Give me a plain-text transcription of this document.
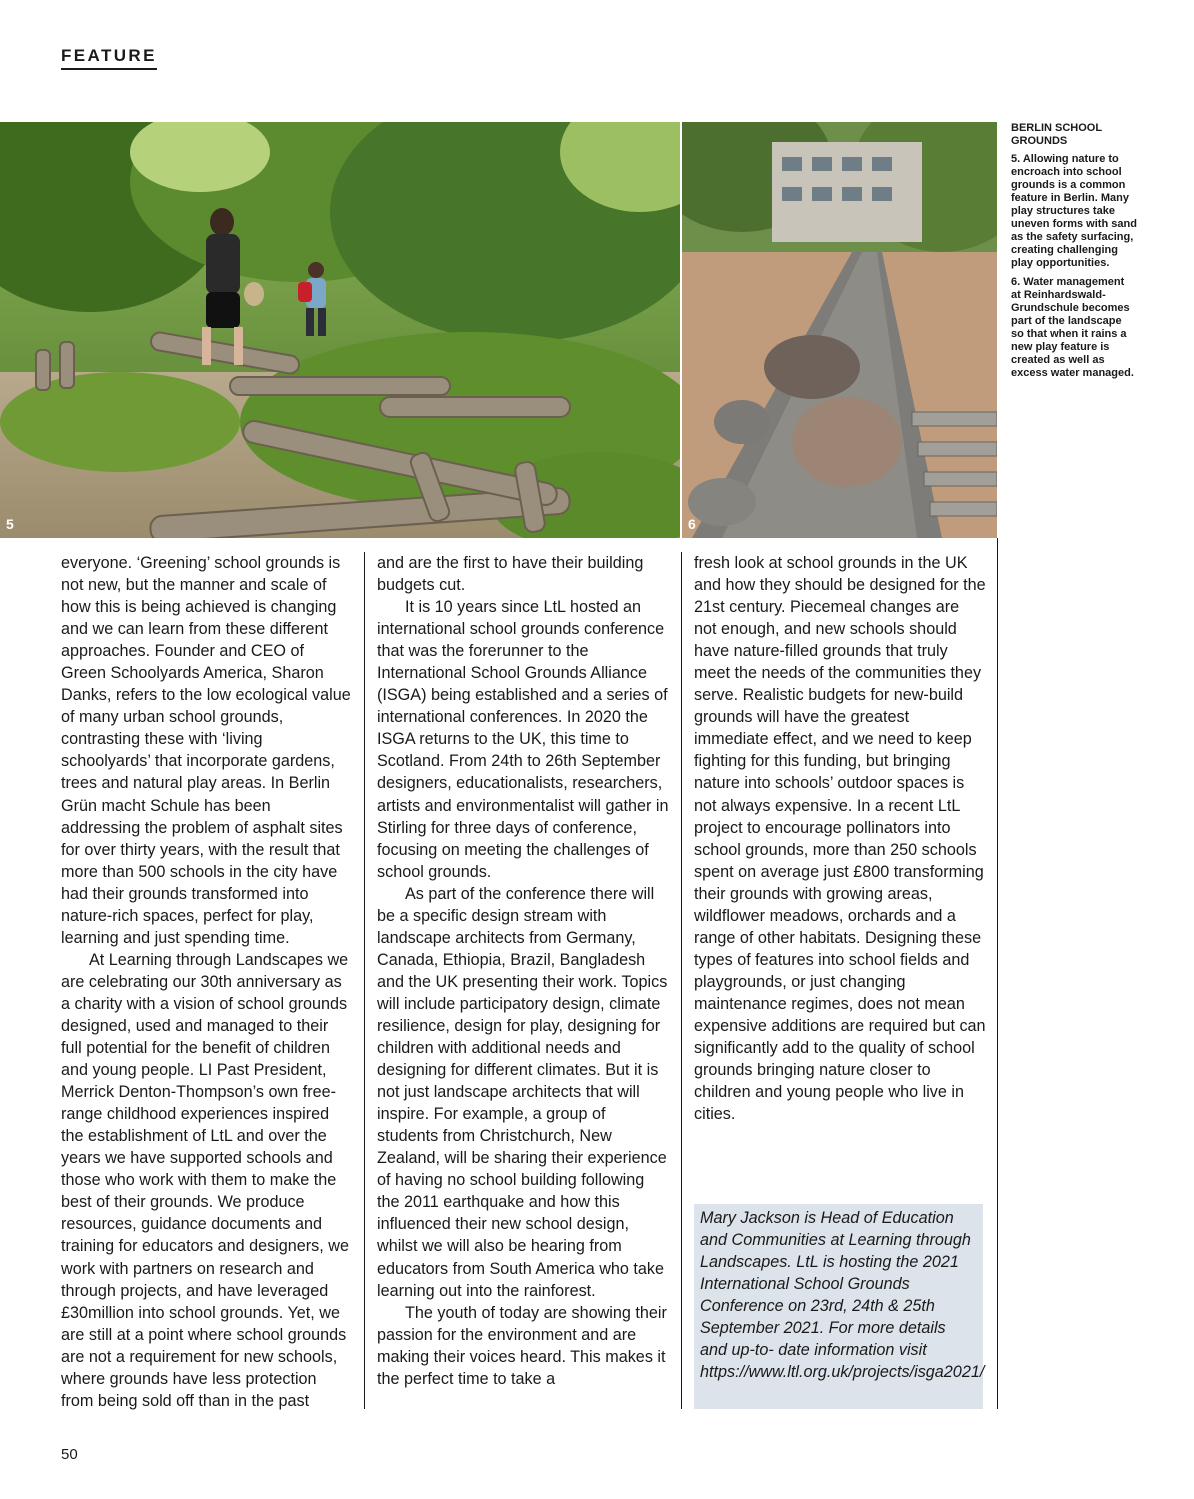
FEATURE
5	6
BERLIN SCHOOL GROUNDS

5. Allowing nature to encroach into school grounds is a common feature in Berlin. Many play structures take uneven forms with sand as the safety surfacing, creating challenging play opportunities.

6. Water management at Reinhardswald-Grundschule becomes part of the landscape so that when it rains a new play feature is created as well as excess water managed.

everyone. ‘Greening’ school grounds is not new, but the manner and scale of how this is being achieved is changing and we can learn from these different approaches. Founder and CEO of Green Schoolyards America, Sharon Danks, refers to the low ecological value of many urban school grounds, contrasting these with ‘living schoolyards’ that incorporate gardens, trees and natural play areas. In Berlin Grün macht Schule has been addressing the problem of asphalt sites for over thirty years, with the result that more than 500 schools in the city have had their grounds transformed into nature-rich spaces, perfect for play, learning and just spending time.

At Learning through Landscapes we are celebrating our 30th anniversary as a charity with a vision of school grounds designed, used and managed to their full potential for the benefit of children and young people. LI Past President, Merrick Denton-Thompson’s own free-range childhood experiences inspired the establishment of LtL and over the years we have supported schools and those who work with them to make the best of their grounds. We produce resources, guidance documents and training for educators and designers, we work with partners on research and through projects, and have leveraged £30million into school grounds. Yet, we are still at a point where school grounds are not a requirement for new schools, where grounds have less protection from being sold off than in the past

and are the first to have their building budgets cut.

It is 10 years since LtL hosted an international school grounds conference that was the forerunner to the International School Grounds Alliance (ISGA) being established and a series of international conferences. In 2020 the ISGA returns to the UK, this time to Scotland. From 24th to 26th September designers, educationalists, researchers, artists and environmentalist will gather in Stirling for three days of conference, focusing on meeting the challenges of school grounds.

As part of the conference there will be a specific design stream with landscape architects from Germany, Canada, Ethiopia, Brazil, Bangladesh and the UK presenting their work. Topics will include participatory design, climate resilience, design for play, designing for children with additional needs and designing for different climates. But it is not just landscape architects that will inspire. For example, a group of students from Christchurch, New Zealand, will be sharing their experience of having no school building following the 2011 earthquake and how this influenced their new school design, whilst we will also be hearing from educators from South America who take learning out into the rainforest.

The youth of today are showing their passion for the environment and are making their voices heard. This makes it the perfect time to take a

fresh look at school grounds in the UK and how they should be designed for the 21st century. Piecemeal changes are not enough, and new schools should have nature-filled grounds that truly meet the needs of the communities they serve. Realistic budgets for new-build grounds will have the greatest immediate effect, and we need to keep fighting for this funding, but bringing nature into schools’ outdoor spaces is not always expensive. In a recent LtL project to encourage pollinators into school grounds, more than 250 schools spent on average just £800 transforming their grounds with growing areas, wildflower meadows, orchards and a range of other habitats. Designing these types of features into school fields and playgrounds, or just changing maintenance regimes, does not mean expensive additions are required but can significantly add to the quality of school grounds bringing nature closer to children and young people who live in cities.

Mary Jackson is Head of Education and Communities at Learning through Landscapes. LtL is hosting the 2021 International School Grounds Conference on 23rd, 24th & 25th September 2021. For more details and up-to- date information visit https://www.ltl.org.uk/projects/isga2021/
50
